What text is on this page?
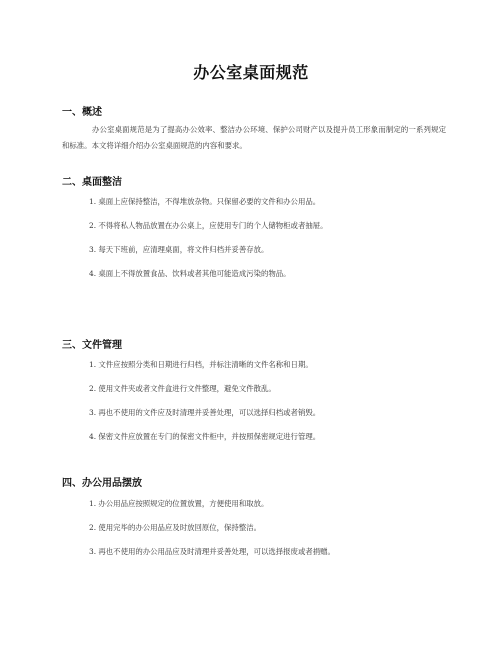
办公室桌面规范
一、概述

办公室桌面规范是为了提高办公效率、整洁办公环境、保护公司财产以及提升员工形象而制定的一系列规定和标准。本文将详细介绍办公室桌面规范的内容和要求。

二、桌面整洁

1. 桌面上应保持整洁，不得堆放杂物。只保留必要的文件和办公用品。

2. 不得将私人物品放置在办公桌上，应使用专门的个人储物柜或者抽屉。

3. 每天下班前，应清理桌面，将文件归档并妥善存放。

4. 桌面上不得放置食品、饮料或者其他可能造成污染的物品。

三、文件管理

1. 文件应按照分类和日期进行归档，并标注清晰的文件名称和日期。

2. 使用文件夹或者文件盒进行文件整理，避免文件散乱。

3. 再也不使用的文件应及时清理并妥善处理，可以选择归档或者销毁。

4. 保密文件应放置在专门的保密文件柜中，并按照保密规定进行管理。

四、办公用品摆放

1. 办公用品应按照规定的位置放置，方便使用和取放。

2. 使用完毕的办公用品应及时放回原位，保持整洁。

3. 再也不使用的办公用品应及时清理并妥善处理，可以选择报废或者捐赠。
